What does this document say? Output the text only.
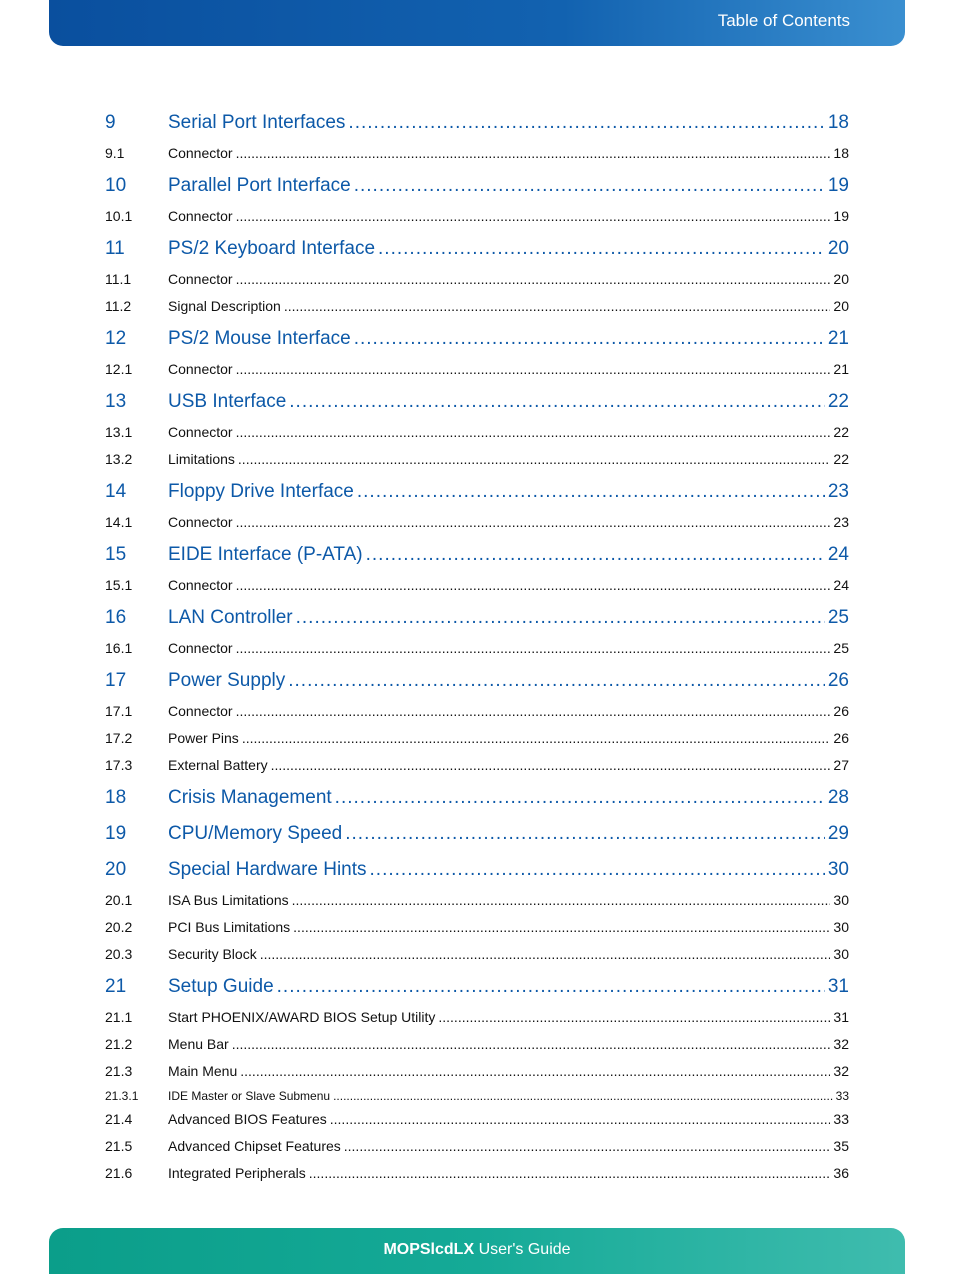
Table of Contents
9	Serial Port Interfaces .....	18
9.1	Connector .....	18
10	Parallel Port Interface .....	19
10.1	Connector .....	19
11	PS/2 Keyboard Interface .....	20
11.1	Connector .....	20
11.2	Signal Description .....	20
12	PS/2 Mouse Interface .....	21
12.1	Connector .....	21
13	USB Interface .....	22
13.1	Connector .....	22
13.2	Limitations .....	22
14	Floppy Drive Interface .....	23
14.1	Connector .....	23
15	EIDE Interface (P-ATA) .....	24
15.1	Connector .....	24
16	LAN Controller .....	25
16.1	Connector .....	25
17	Power Supply .....	26
17.1	Connector .....	26
17.2	Power Pins .....	26
17.3	External Battery .....	27
18	Crisis Management .....	28
19	CPU/Memory Speed .....	29
20	Special Hardware Hints .....	30
20.1	ISA Bus Limitations .....	30
20.2	PCI Bus Limitations .....	30
20.3	Security Block .....	30
21	Setup Guide .....	31
21.1	Start PHOENIX/AWARD BIOS Setup Utility .....	31
21.2	Menu Bar .....	32
21.3	Main Menu .....	32
21.3.1	IDE Master or Slave Submenu .....	33
21.4	Advanced BIOS Features .....	33
21.5	Advanced Chipset Features .....	35
21.6	Integrated Peripherals .....	36
MOPSlcdLX User's Guide
